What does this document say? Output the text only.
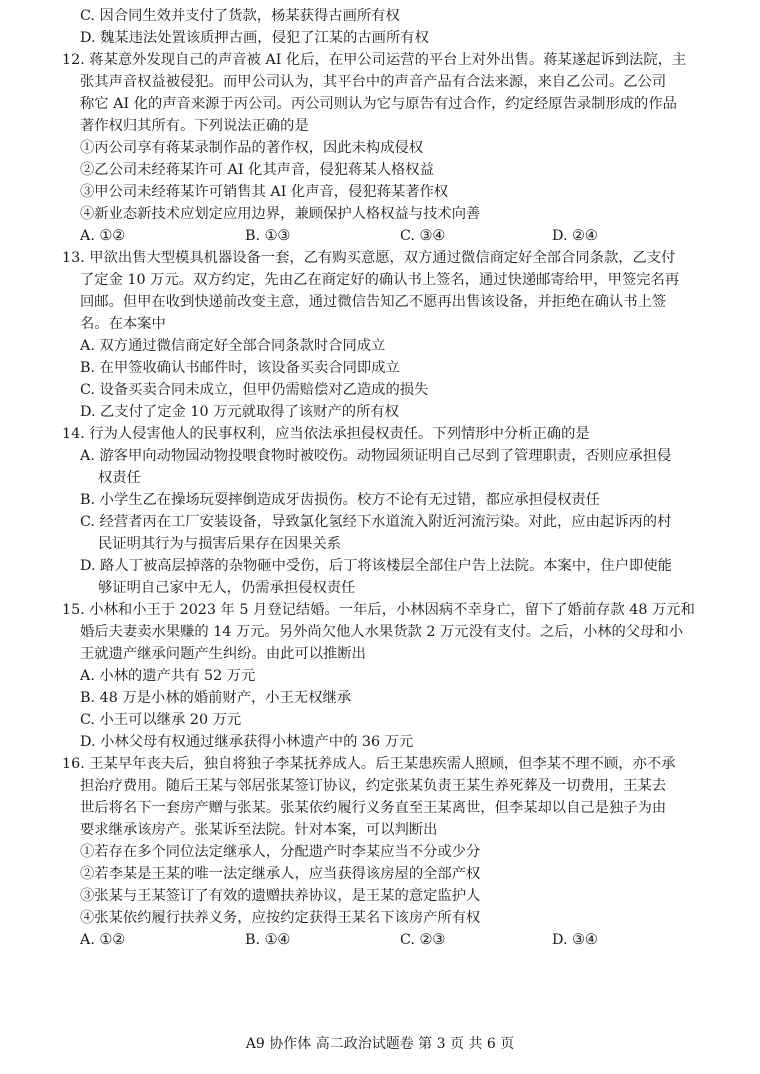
C. 因合同生效并支付了货款，杨某获得古画所有权
D. 魏某违法处置该质押古画，侵犯了江某的古画所有权
12. 蒋某意外发现自己的声音被 AI 化后，在甲公司运营的平台上对外出售。蒋某遂起诉到法院，主
张其声音权益被侵犯。而甲公司认为，其平台中的声音产品有合法来源，来自乙公司。乙公司
称它 AI 化的声音来源于丙公司。丙公司则认为它与原告有过合作，约定经原告录制形成的作品
著作权归其所有。下列说法正确的是
①丙公司享有蒋某录制作品的著作权，因此未构成侵权
②乙公司未经蒋某许可 AI 化其声音，侵犯蒋某人格权益
③甲公司未经蒋某许可销售其 AI 化声音，侵犯蒋某著作权
④新业态新技术应划定应用边界，兼顾保护人格权益与技术向善
A. ①②	B. ①③	C. ③④	D. ②④
13. 甲欲出售大型模具机器设备一套，乙有购买意愿，双方通过微信商定好全部合同条款，乙支付
了定金 10 万元。双方约定，先由乙在商定好的确认书上签名，通过快递邮寄给甲，甲签完名再
回邮。但甲在收到快递前改变主意，通过微信告知乙不愿再出售该设备，并拒绝在确认书上签
名。在本案中
A. 双方通过微信商定好全部合同条款时合同成立
B. 在甲签收确认书邮件时，该设备买卖合同即成立
C. 设备买卖合同未成立，但甲仍需赔偿对乙造成的损失
D. 乙支付了定金 10 万元就取得了该财产的所有权
14. 行为人侵害他人的民事权利，应当依法承担侵权责任。下列情形中分析正确的是
A. 游客甲向动物园动物投喂食物时被咬伤。动物园须证明自己尽到了管理职责，否则应承担侵
权责任
B. 小学生乙在操场玩耍摔倒造成牙齿损伤。校方不论有无过错，都应承担侵权责任
C. 经营者丙在工厂安装设备，导致氯化氢经下水道流入附近河流污染。对此，应由起诉丙的村
民证明其行为与损害后果存在因果关系
D. 路人丁被高层掉落的杂物砸中受伤，后丁将该楼层全部住户告上法院。本案中，住户即使能
够证明自己家中无人，仍需承担侵权责任
15. 小林和小王于 2023 年 5 月登记结婚。一年后，小林因病不幸身亡，留下了婚前存款 48 万元和
婚后夫妻卖水果赚的 14 万元。另外尚欠他人水果货款 2 万元没有支付。之后，小林的父母和小
王就遗产继承问题产生纠纷。由此可以推断出
A. 小林的遗产共有 52 万元
B. 48 万是小林的婚前财产，小王无权继承
C. 小王可以继承 20 万元
D. 小林父母有权通过继承获得小林遗产中的 36 万元
16. 王某早年丧夫后，独自将独子李某抚养成人。后王某患疾需人照顾，但李某不理不顾，亦不承
担治疗费用。随后王某与邻居张某签订协议，约定张某负责王某生养死葬及一切费用，王某去
世后将名下一套房产赠与张某。张某依约履行义务直至王某离世，但李某却以自己是独子为由
要求继承该房产。张某诉至法院。针对本案，可以判断出
①若存在多个同位法定继承人，分配遗产时李某应当不分或少分
②若李某是王某的唯一法定继承人，应当获得该房屋的全部产权
③张某与王某签订了有效的遗赠扶养协议，是王某的意定监护人
④张某依约履行扶养义务，应按约定获得王某名下该房产所有权
A. ①②	B. ①④	C. ②③	D. ③④
A9 协作体 高二政治试题卷 第 3 页 共 6 页
